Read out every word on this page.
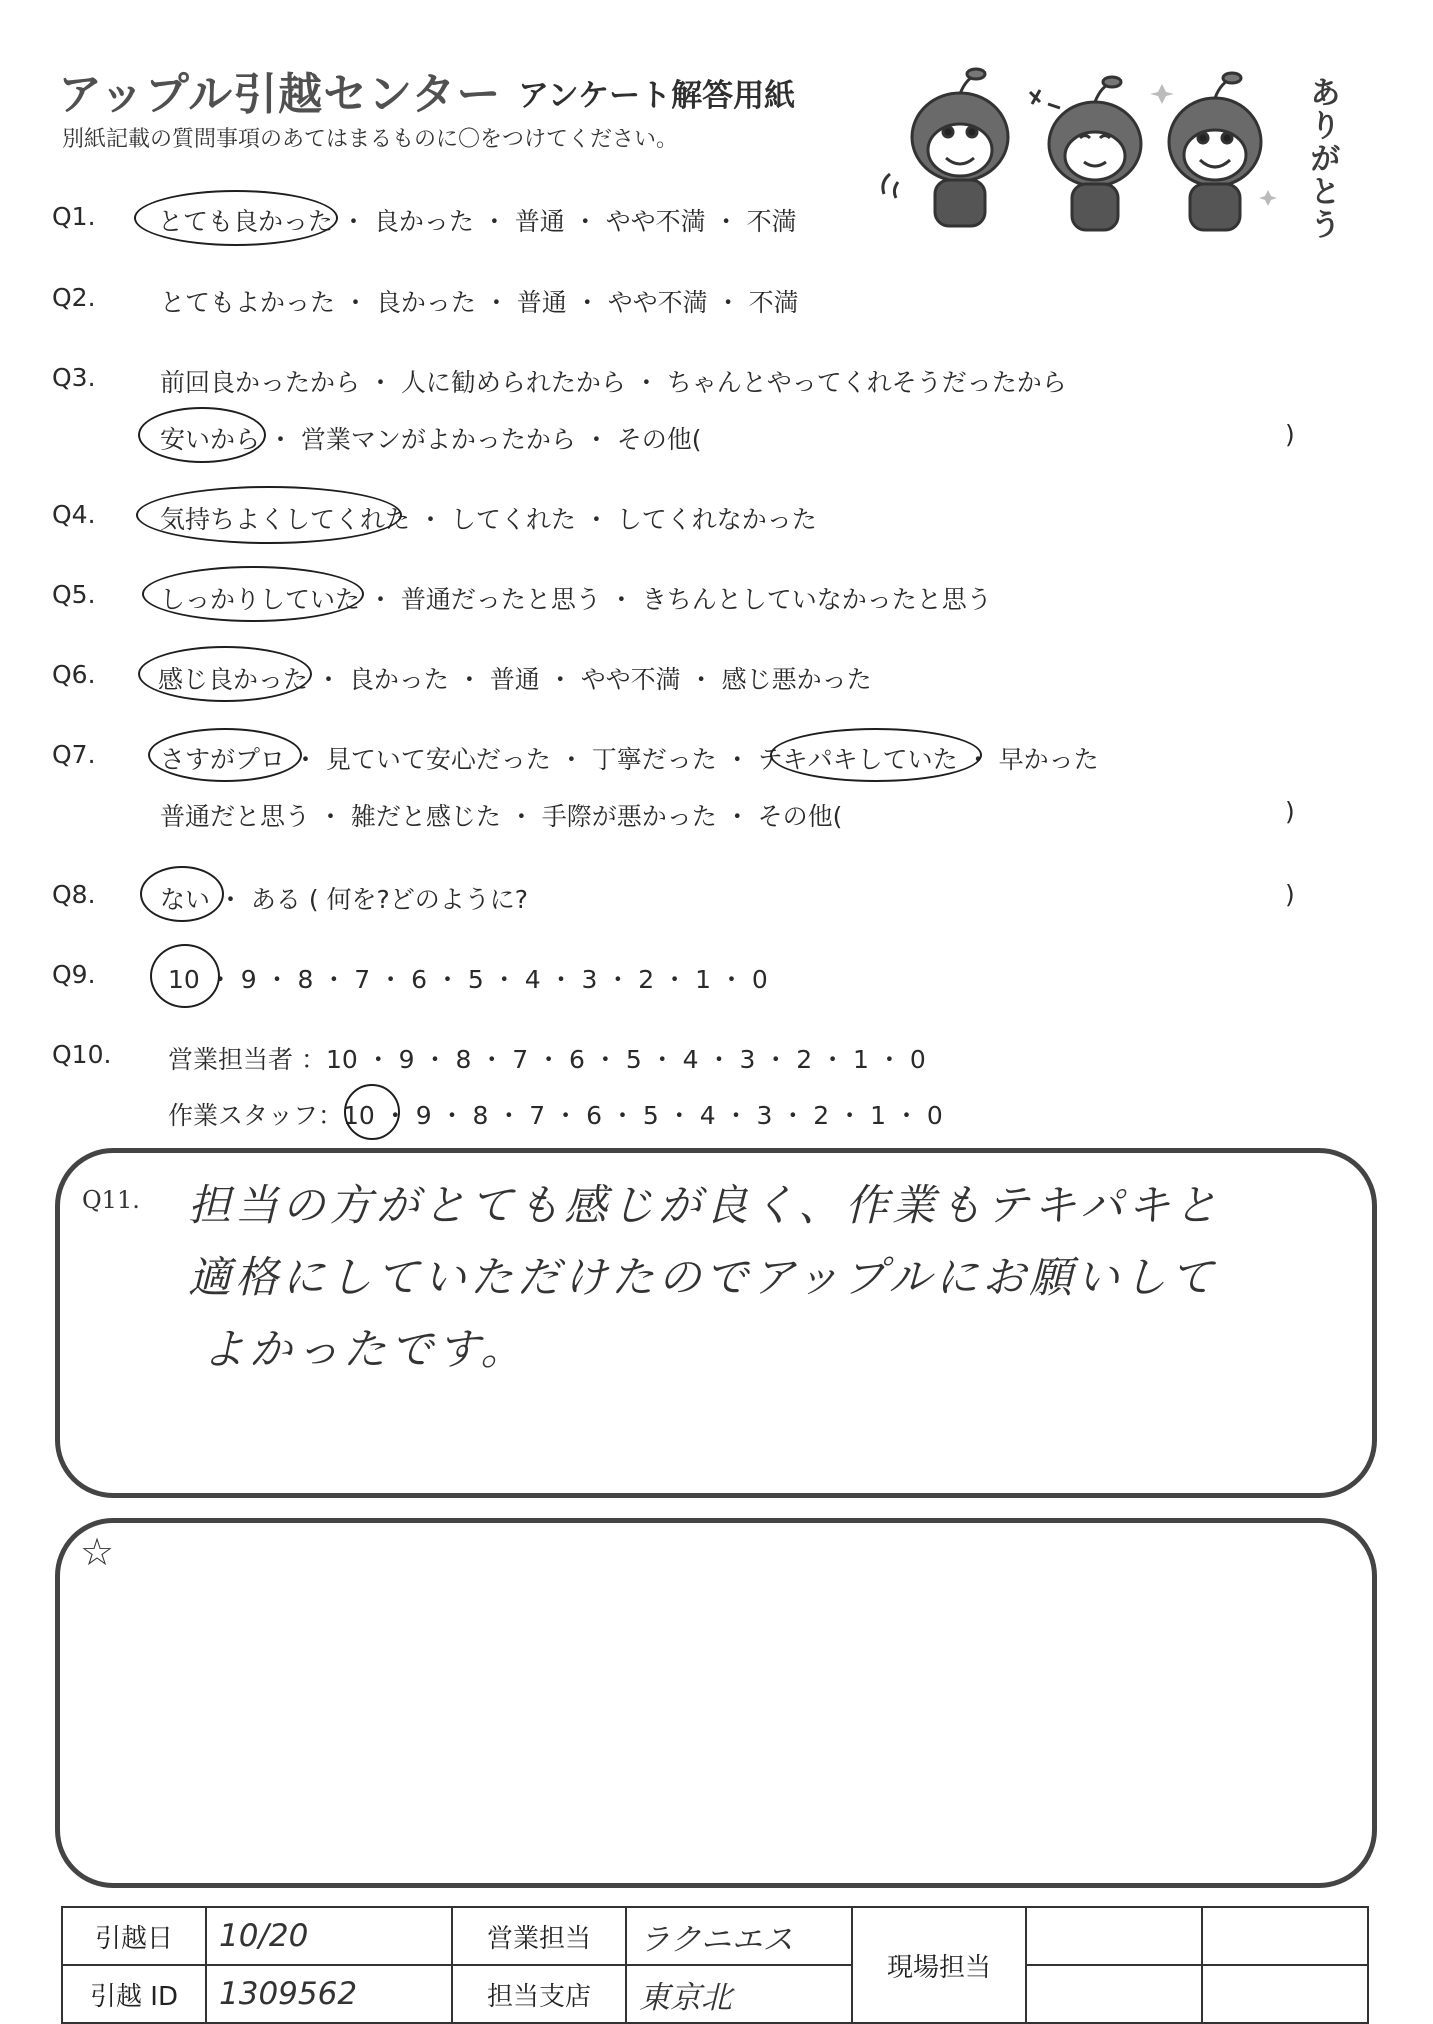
アップル引越センター アンケート解答用紙
別紙記載の質問事項のあてはまるものに〇をつけてください。	ありがとう
Q1. とても良かった ・ 良かった ・ 普通 ・ やや不満 ・ 不満
Q2.	とてもよかった ・ 良かった ・ 普通 ・ やや不満 ・ 不満
Q3.	前回良かったから ・ 人に勧められたから ・ ちゃんとやってくれそうだったから
安いから ・ 営業マンがよかったから ・ その他(	)
Q4.	気持ちよくしてくれた ・ してくれた ・ してくれなかった
Q5.	しっかりしていた ・ 普通だったと思う ・ きちんとしていなかったと思う
Q6. 感じ良かった ・ 良かった ・ 普通 ・ やや不満 ・ 感じ悪かった
Q7.	さすがプロ ・ 見ていて安心だった ・ 丁寧だった ・ テキパキしていた ・ 早かった
普通だと思う ・ 雑だと感じた ・ 手際が悪かった ・ その他(	)
Q8.	ない ・ ある ( 何を?どのように?	)
Q9.	10 ・ 9 ・ 8 ・ 7 ・ 6 ・ 5 ・ 4 ・ 3 ・ 2 ・ 1 ・ 0
Q10. 営業担当者 ：10 ・ 9 ・ 8 ・ 7 ・ 6 ・ 5 ・ 4 ・ 3 ・ 2 ・ 1 ・ 0
作業スタッフ：10 ・ 9 ・ 8 ・ 7 ・ 6 ・ 5 ・ 4 ・ 3 ・ 2 ・ 1 ・ 0
Q11. 担当の方がとても感じが良く、作業もテキパキと
適格にしていただけたのでアップルにお願いして
よかったです。
☆
引越日	10/20	営業担当	ラクニエス	現場担当		
引越 ID	1309562	担当支店	東京北			
